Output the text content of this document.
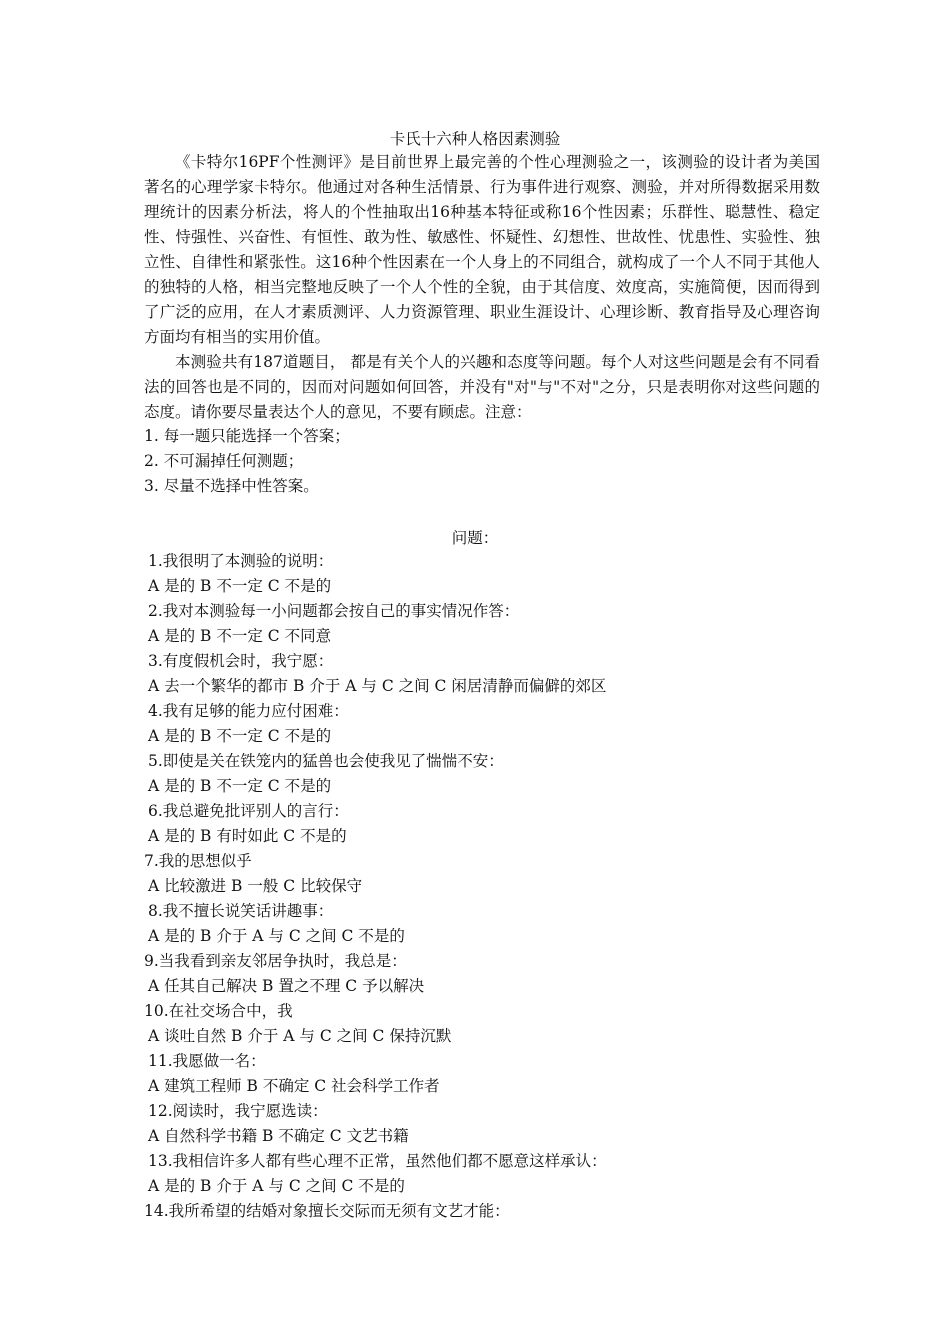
卡氏十六种人格因素测验

《卡特尔16PF个性测评》是目前世界上最完善的个性心理测验之一，该测验的设计者为美国著名的心理学家卡特尔。他通过对各种生活情景、行为事件进行观察、测验，并对所得数据采用数理统计的因素分析法，将人的个性抽取出16种基本特征或称16个性因素；乐群性、聪慧性、稳定性、恃强性、兴奋性、有恒性、敢为性、敏感性、怀疑性、幻想性、世故性、忧患性、实验性、独立性、自律性和紧张性。这16种个性因素在一个人身上的不同组合，就构成了一个人不同于其他人的独特的人格，相当完整地反映了一个人个性的全貌，由于其信度、效度高，实施简便，因而得到了广泛的应用，在人才素质测评、人力资源管理、职业生涯设计、心理诊断、教育指导及心理咨询方面均有相当的实用价值。

本测验共有187道题目， 都是有关个人的兴趣和态度等问题。每个人对这些问题是会有不同看法的回答也是不同的，因而对问题如何回答，并没有"对"与"不对"之分，只是表明你对这些问题的态度。请你要尽量表达个人的意见，不要有顾虑。注意：

1. 每一题只能选择一个答案；
2. 不可漏掉任何测题；
3. 尽量不选择中性答案。
问题：
1.我很明了本测验的说明：
A 是的 B 不一定 C 不是的
2.我对本测验每一小问题都会按自己的事实情况作答：
A 是的 B 不一定 C 不同意
3.有度假机会时，我宁愿：
A 去一个繁华的都市 B 介于 A 与 C 之间 C 闲居清静而偏僻的郊区
4.我有足够的能力应付困难：
A 是的 B 不一定 C 不是的
5.即使是关在铁笼内的猛兽也会使我见了惴惴不安：
A 是的 B 不一定 C 不是的
6.我总避免批评别人的言行：
A 是的 B 有时如此 C 不是的
7.我的思想似乎
A 比较激进 B 一般 C 比较保守
8.我不擅长说笑话讲趣事：
A 是的 B 介于 A 与 C 之间 C 不是的
9.当我看到亲友邻居争执时，我总是：
A 任其自己解决 B 置之不理 C 予以解决
10.在社交场合中，我
A 谈吐自然 B 介于 A 与 C 之间 C 保持沉默
11.我愿做一名：
A 建筑工程师 B 不确定 C 社会科学工作者
12.阅读时，我宁愿选读：
A 自然科学书籍 B 不确定 C 文艺书籍
13.我相信许多人都有些心理不正常，虽然他们都不愿意这样承认：
A 是的 B 介于 A 与 C 之间 C 不是的
14.我所希望的结婚对象擅长交际而无须有文艺才能：
